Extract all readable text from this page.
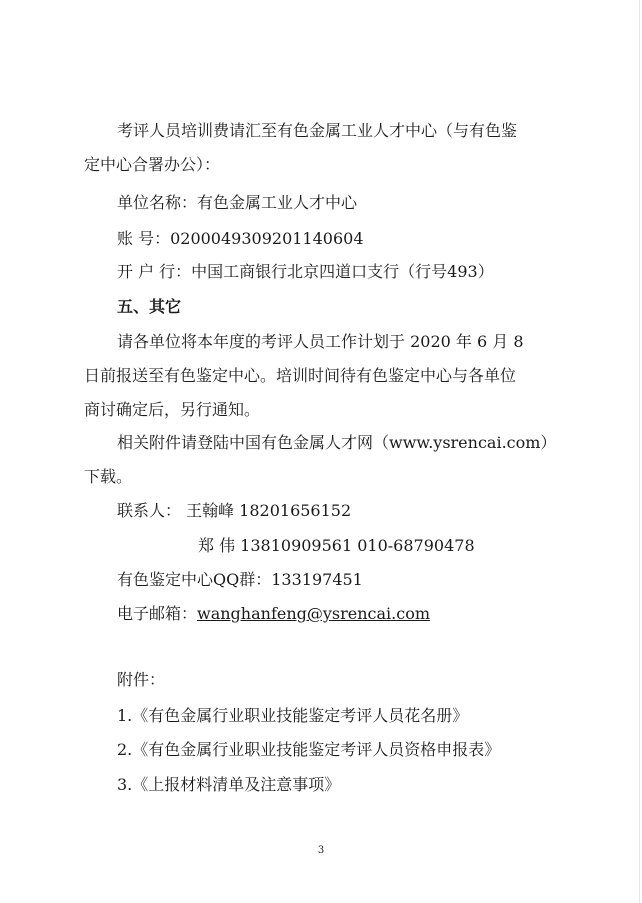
考评人员培训费请汇至有色金属工业人才中心（与有色鉴
定中心合署办公）：
单位名称：有色金属工业人才中心
账 号：0200049309201140604
开 户 行：中国工商银行北京四道口支行（行号493）
五、其它
请各单位将本年度的考评人员工作计划于 2020 年 6 月 8
日前报送至有色鉴定中心。培训时间待有色鉴定中心与各单位
商讨确定后，另行通知。
相关附件请登陆中国有色金属人才网（www.ysrencai.com）
下载。
联系人： 王翰峰 18201656152
郑 伟 13810909561 010-68790478
有色鉴定中心QQ群：133197451
电子邮箱：wanghanfeng@ysrencai.com
附件：
1.《有色金属行业职业技能鉴定考评人员花名册》
2.《有色金属行业职业技能鉴定考评人员资格申报表》
3.《上报材料清单及注意事项》
3
